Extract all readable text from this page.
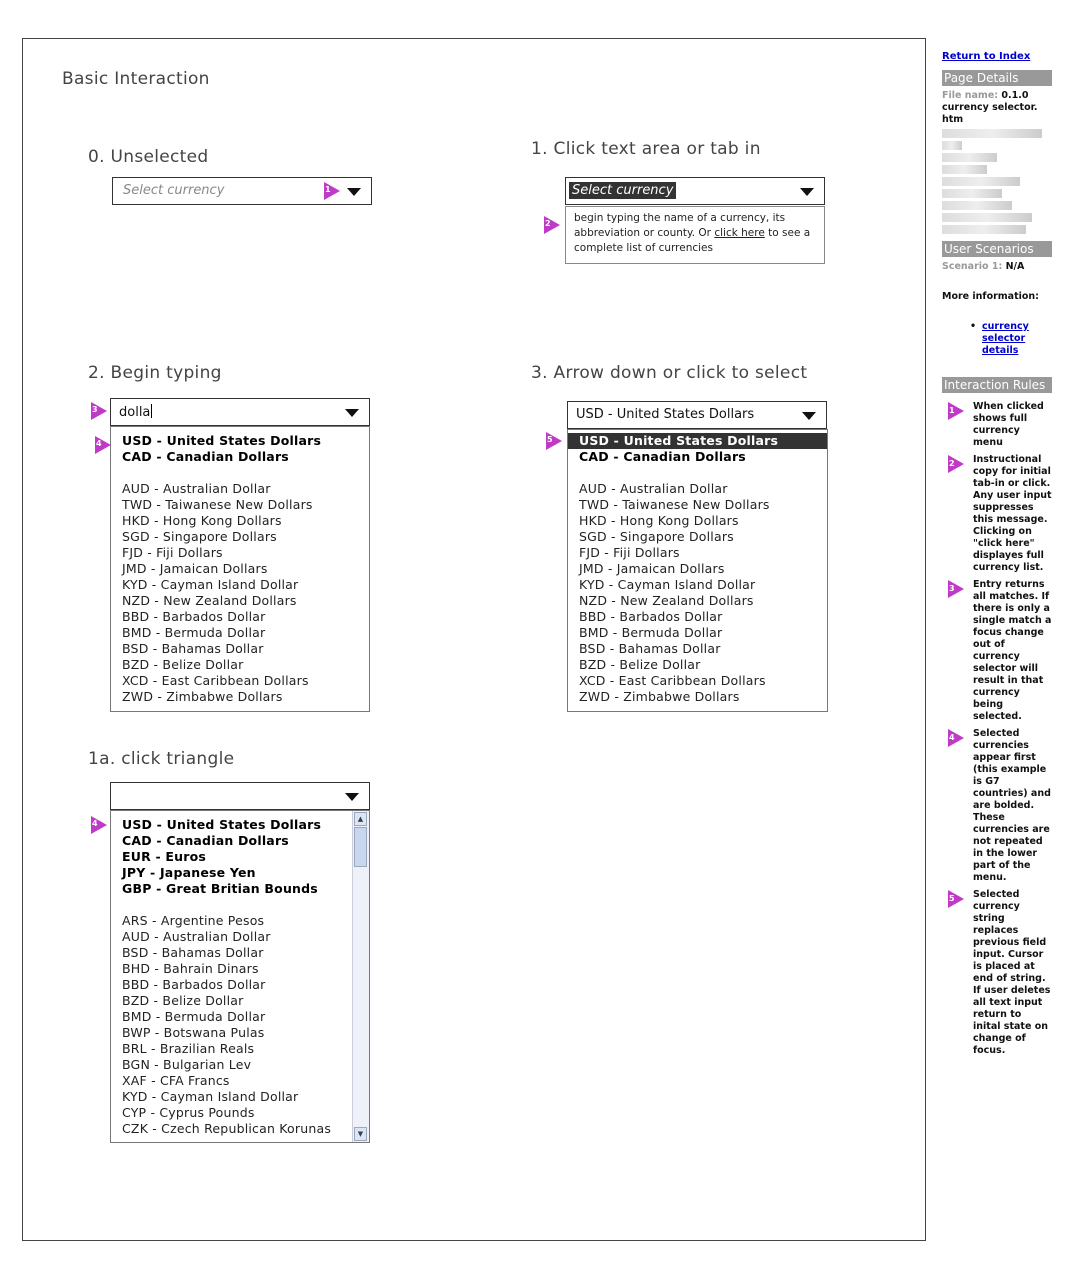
Basic Interaction
0. Unselected
Select currency	1
1. Click text area or tab in
Select currency
begin typing the name of a currency, its abbreviation or county. Or click here to see a complete list of currencies
2
2. Begin typing
dolla
3
USD - United States Dollars
CAD - Canadian Dollars
AUD - Australian Dollar
TWD - Taiwanese New Dollars
HKD - Hong Kong Dollars
SGD - Singapore Dollars
FJD - Fiji Dollars
JMD - Jamaican Dollars
KYD - Cayman Island Dollar
NZD - New Zealand Dollars
BBD - Barbados Dollar
BMD - Bermuda Dollar
BSD - Bahamas Dollar
BZD - Belize Dollar
XCD - East Caribbean Dollars
ZWD - Zimbabwe Dollars
4
3. Arrow down or click to select
USD - United States Dollars
USD - United States Dollars
CAD - Canadian Dollars
AUD - Australian Dollar
TWD - Taiwanese New Dollars
HKD - Hong Kong Dollars
SGD - Singapore Dollars
FJD - Fiji Dollars
JMD - Jamaican Dollars
KYD - Cayman Island Dollar
NZD - New Zealand Dollars
BBD - Barbados Dollar
BMD - Bermuda Dollar
BSD - Bahamas Dollar
BZD - Belize Dollar
XCD - East Caribbean Dollars
ZWD - Zimbabwe Dollars
5
1a. click triangle
USD - United States Dollars
CAD - Canadian Dollars
EUR - Euros
JPY - Japanese Yen
GBP - Great Britian Bounds
ARS - Argentine Pesos
AUD - Australian Dollar
BSD - Bahamas Dollar
BHD - Bahrain Dinars
BBD - Barbados Dollar
BZD - Belize Dollar
BMD - Bermuda Dollar
BWP - Botswana Pulas
BRL - Brazilian Reals
BGN - Bulgarian Lev
XAF - CFA Francs
KYD - Cayman Island Dollar
CYP - Cyprus Pounds
CZK - Czech Republican Korunas
▲
▼
4
Return to Index
Page Details
File name: 0.1.0 currency selector. htm
User Scenarios
Scenario 1: N/A
More information:
• currency selector details
Interaction Rules
1 When clicked shows full currency menu
2 Instructional copy for initial tab-in or click. Any user input suppresses this message. Clicking on "click here" displayes full currency list.
3 Entry returns all matches. If there is only a single match a focus change out of currency selector will result in that currency being selected.
4 Selected currencies appear first (this example is G7 countries) and are bolded. These currencies are not repeated in the lower part of the menu.
5 Selected currency string replaces previous field input. Cursor is placed at end of string. If user deletes all text input return to inital state on change of focus.
